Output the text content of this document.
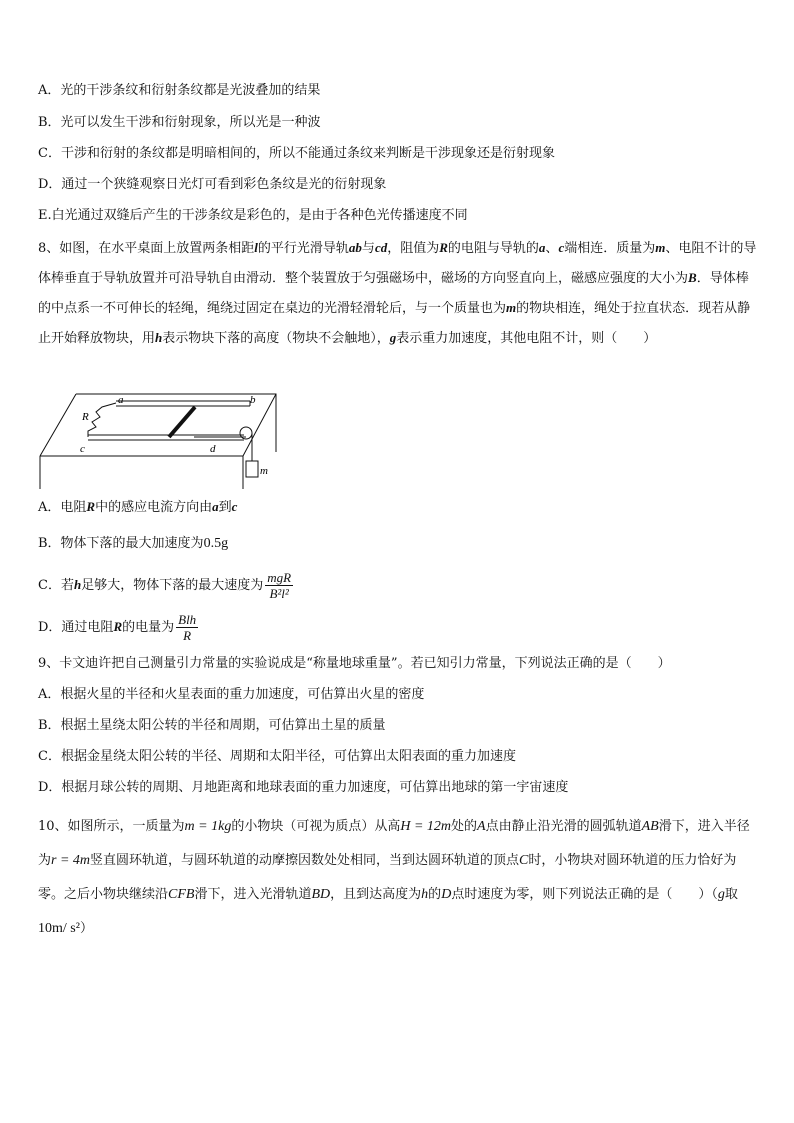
A．光的干涉条纹和衍射条纹都是光波叠加的结果
B．光可以发生干涉和衍射现象，所以光是一种波
C．干涉和衍射的条纹都是明暗相间的，所以不能通过条纹来判断是干涉现象还是衍射现象
D．通过一个狭缝观察日光灯可看到彩色条纹是光的衍射现象
E.白光通过双缝后产生的干涉条纹是彩色的，是由于各种色光传播速度不同
8、如图，在水平桌面上放置两条相距l的平行光滑导轨ab与cd，阻值为R的电阻与导轨的a、c端相连．质量为m、电阻不计的导体棒垂直于导轨放置并可沿导轨自由滑动．整个装置放于匀强磁场中，磁场的方向竖直向上，磁感应强度的大小为B．导体棒的中点系一不可伸长的轻绳，绳绕过固定在桌边的光滑轻滑轮后，与一个质量也为m的物块相连，绳处于拉直状态．现若从静止开始释放物块，用h表示物块下落的高度（物块不会触地），g表示重力加速度，其他电阻不计，则（　　）
a	b
c	d
R
m
A．电阻R中的感应电流方向由a到c
B．物体下落的最大加速度为0.5g
C．若h足够大，物体下落的最大速度为 $\frac{\text{mgR}}{\text{B²l²}}$
D．通过电阻R的电量为 $\frac{\text{Blh}}{R}$
9、卡文迪许把自己测量引力常量的实验说成是“称量地球重量”。若已知引力常量，下列说法正确的是（　　）
A．根据火星的半径和火星表面的重力加速度，可估算出火星的密度
B．根据土星绕太阳公转的半径和周期，可估算出土星的质量
C．根据金星绕太阳公转的半径、周期和太阳半径，可估算出太阳表面的重力加速度
D．根据月球公转的周期、月地距离和地球表面的重力加速度，可估算出地球的第一宇宙速度
10、如图所示，一质量为m = 1kg的小物块（可视为质点）从高H = 12m处的A点由静止沿光滑的圆弧轨道AB滑下，进入半径为r = 4m竖直圆环轨道，与圆环轨道的动摩擦因数处处相同，当到达圆环轨道的顶点C时，小物块对圆环轨道的压力恰好为零。之后小物块继续沿CFB滑下，进入光滑轨道BD，且到达高度为h的D点时速度为零，则下列说法正确的是（　　）（g取10m/ s²）
